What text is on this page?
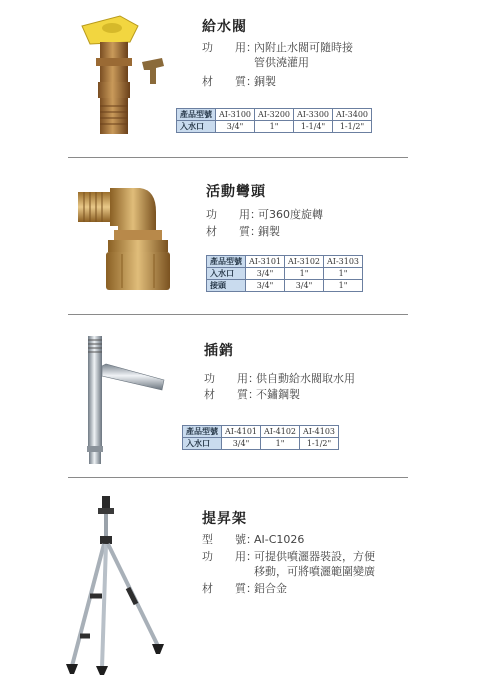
給水閥
功　　用：內附止水閥可隨時接
管供澆灌用
材　　質：銅製
產品型號	AI-3100	AI-3200	AI-3300	AI-3400
入水口	3/4"	1"	1-1/4"	1-1/2"
活動彎頭
功　　用：可360度旋轉
材　　質：銅製
產品型號	AI-3101	AI-3102	AI-3103
入水口	3/4"	1"	1"
接頭	3/4"	3/4"	1"
插銷
功　　用：供自動給水閥取水用
材　　質：不鏽鋼製
產品型號	AI-4101	AI-4102	AI-4103
入水口	3/4"	1"	1-1/2"
提昇架
型　　號：AI-C1026
功　　用：可提供噴灑器裝設，方便
移動，可將噴灑範圍變廣
材　　質：鋁合金
